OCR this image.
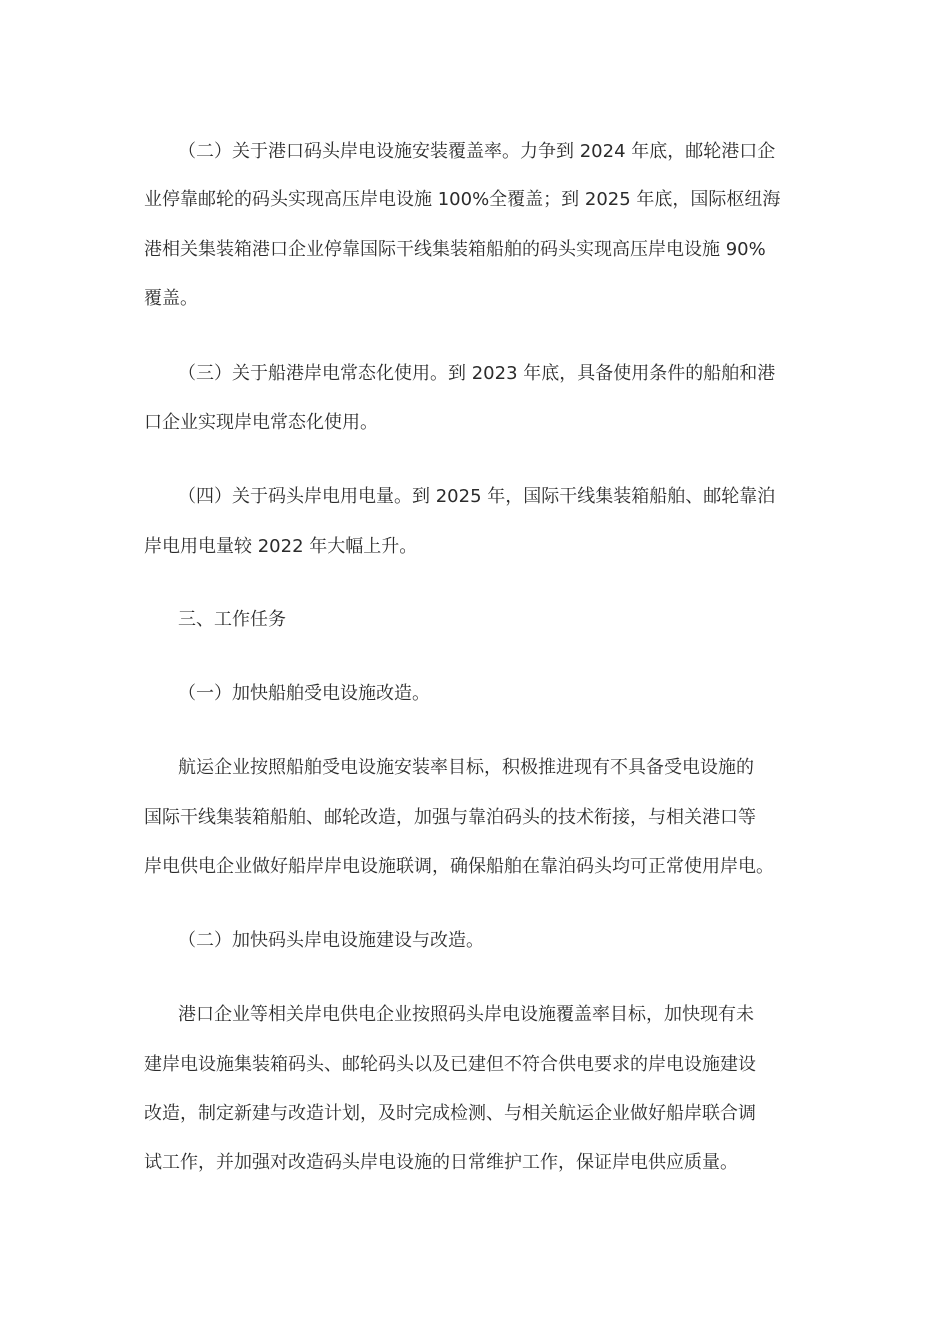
（二）关于港口码头岸电设施安装覆盖率。力争到 2024 年底，邮轮港口企
业停靠邮轮的码头实现高压岸电设施 100%全覆盖；到 2025 年底，国际枢纽海
港相关集装箱港口企业停靠国际干线集装箱船舶的码头实现高压岸电设施 90%
覆盖。
（三）关于船港岸电常态化使用。到 2023 年底，具备使用条件的船舶和港
口企业实现岸电常态化使用。
（四）关于码头岸电用电量。到 2025 年，国际干线集装箱船舶、邮轮靠泊
岸电用电量较 2022 年大幅上升。
三、工作任务
（一）加快船舶受电设施改造。
航运企业按照船舶受电设施安装率目标，积极推进现有不具备受电设施的
国际干线集装箱船舶、邮轮改造，加强与靠泊码头的技术衔接，与相关港口等
岸电供电企业做好船岸岸电设施联调，确保船舶在靠泊码头均可正常使用岸电。
（二）加快码头岸电设施建设与改造。
港口企业等相关岸电供电企业按照码头岸电设施覆盖率目标，加快现有未
建岸电设施集装箱码头、邮轮码头以及已建但不符合供电要求的岸电设施建设
改造，制定新建与改造计划，及时完成检测、与相关航运企业做好船岸联合调
试工作，并加强对改造码头岸电设施的日常维护工作，保证岸电供应质量。
